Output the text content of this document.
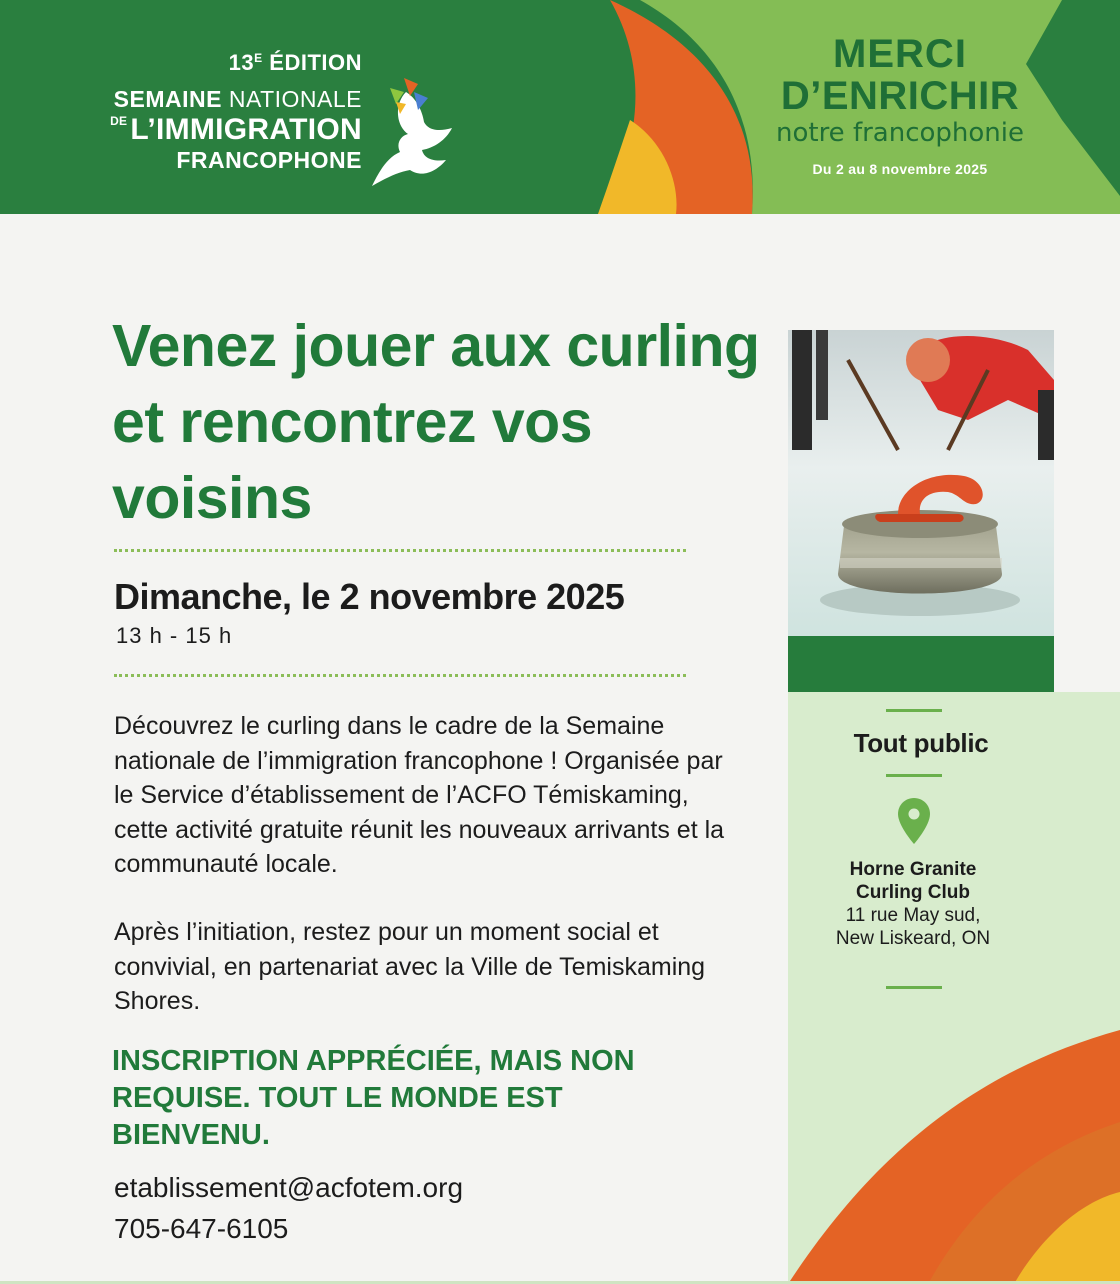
$13^E$ ÉDITION
SEMAINE NATIONALE
$^{DE}$ L’IMMIGRATION
FRANCOPHONE
MERCI
D’ENRICHIR
notre francophonie
Du 2 au 8 novembre 2025
Venez jouer aux curling et rencontrez vos voisins
Dimanche, le 2 novembre 2025
13 h - 15 h

Découvrez le curling dans le cadre de la Semaine nationale de l’immigration francophone ! Organisée par le Service d’établissement de l’ACFO Témiskaming, cette activité gratuite réunit les nouveaux arrivants et la communauté locale.

Après l’initiation, restez pour un moment social et convivial, en partenariat avec la Ville de Temiskaming Shores.

INSCRIPTION APPRÉCIÉE, MAIS NON REQUISE. TOUT LE MONDE EST BIENVENU.

etablissement@acfotem.org
705-647-6105
Tout public
Horne Granite
Curling Club
11 rue May sud,
New Liskeard, ON
